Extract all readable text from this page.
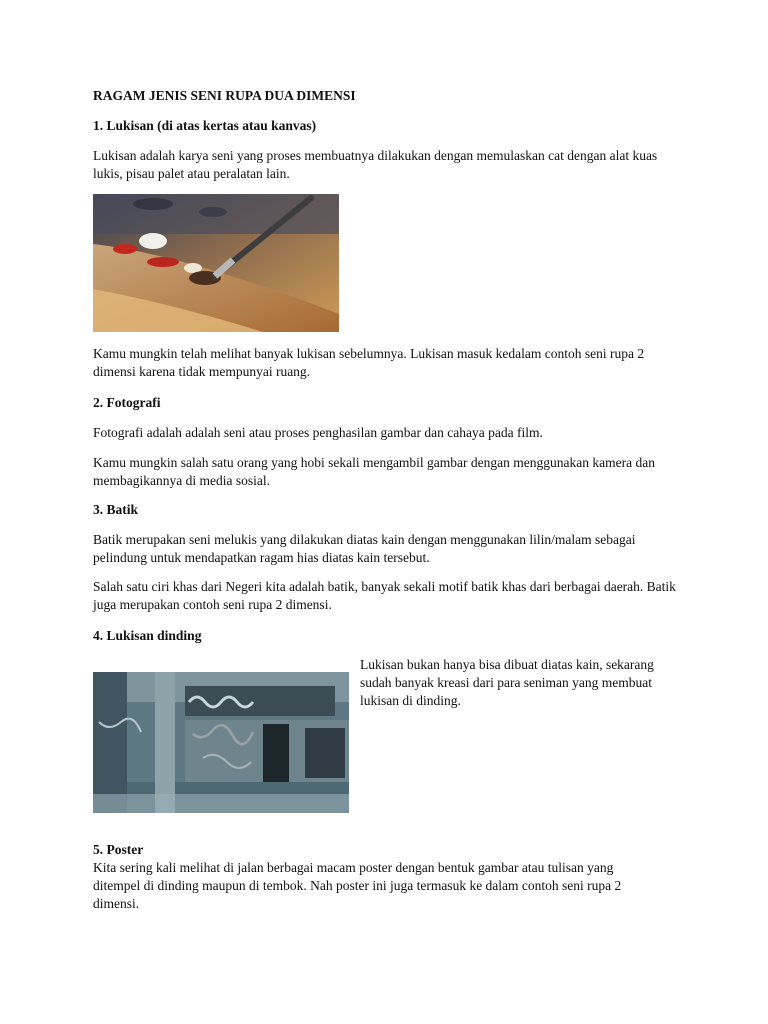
RAGAM JENIS SENI RUPA DUA DIMENSI

1. Lukisan (di atas kertas atau kanvas)

Lukisan adalah karya seni yang proses membuatnya dilakukan dengan memulaskan cat dengan alat kuas lukis, pisau palet atau peralatan lain.

Kamu mungkin telah melihat banyak lukisan sebelumnya. Lukisan masuk kedalam contoh seni rupa 2 dimensi karena tidak mempunyai ruang.

2. Fotografi

Fotografi adalah adalah seni atau proses penghasilan gambar dan cahaya pada film.

Kamu mungkin salah satu orang yang hobi sekali mengambil gambar dengan menggunakan kamera dan membagikannya di media sosial.

3. Batik

Batik merupakan seni melukis yang dilakukan diatas kain dengan menggunakan lilin/malam sebagai pelindung untuk mendapatkan ragam hias diatas kain tersebut.

Salah satu ciri khas dari Negeri kita adalah batik, banyak sekali motif batik khas dari berbagai daerah. Batik juga merupakan contoh seni rupa 2 dimensi.

4. Lukisan dinding

Lukisan bukan hanya bisa dibuat diatas kain, sekarang sudah banyak kreasi dari para seniman yang membuat lukisan di dinding.

5. Poster

Kita sering kali melihat di jalan berbagai macam poster dengan bentuk gambar atau tulisan yang ditempel di dinding maupun di tembok. Nah poster ini juga termasuk ke dalam contoh seni rupa 2 dimensi.
